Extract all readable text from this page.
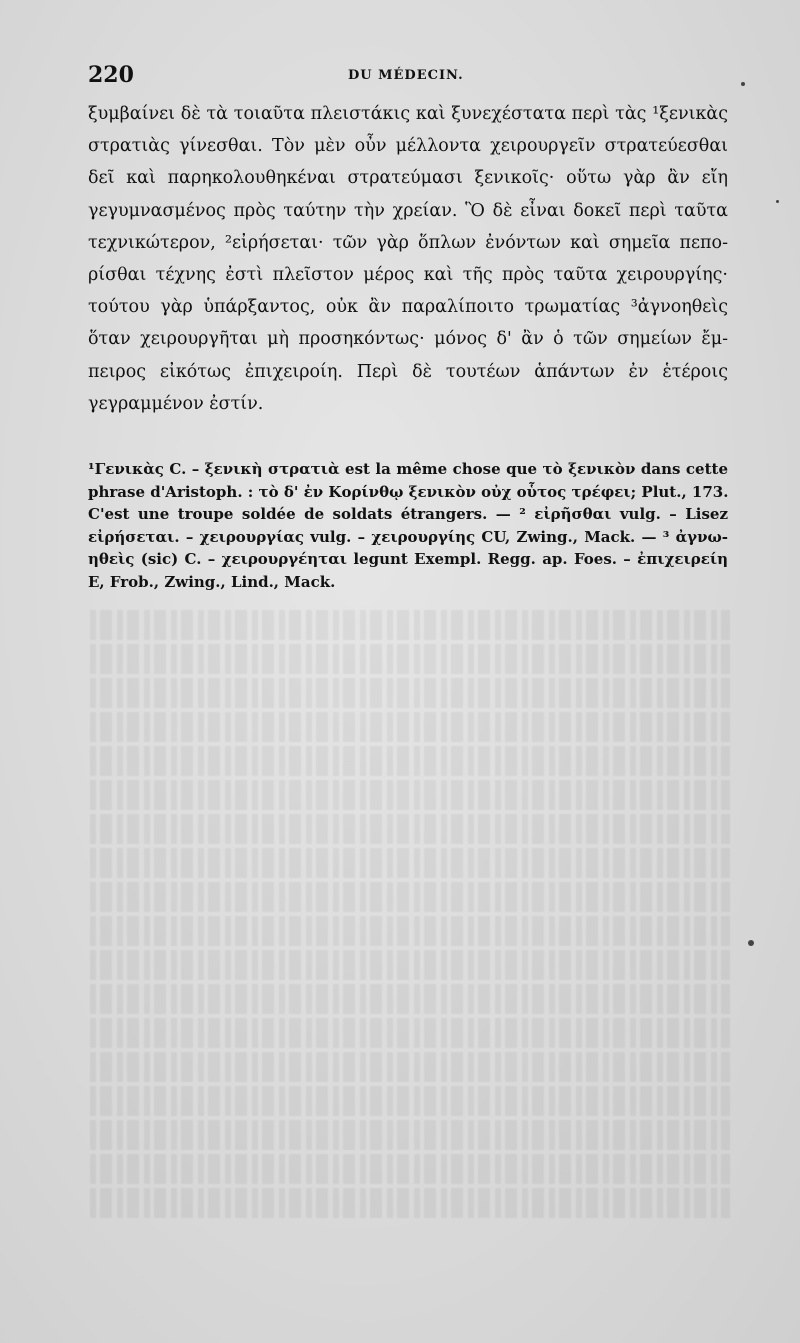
220	DU MÉDECIN.
ξυμβαίνει δὲ τὰ τοιαῦτα πλειστάκις καὶ ξυνεχέστατα περὶ τὰς ¹ξενικὰς
στρατιὰς γίνεσθαι. Τὸν μὲν οὖν μέλλοντα χειρουργεῖν στρατεύεσθαι
δεῖ καὶ παρηκολουθηκέναι στρατεύμασι ξενικοῖς· οὕτω γὰρ ἂν εἴη
γεγυμνασμένος πρὸς ταύτην τὴν χρείαν. Ὃ δὲ εἶναι δοκεῖ περὶ ταῦτα
τεχνικώτερον, ²εἰρήσεται· τῶν γὰρ ὅπλων ἐνόντων καὶ σημεῖα πεπο-
ρίσθαι τέχνης ἐστὶ πλεῖστον μέρος καὶ τῆς πρὸς ταῦτα χειρουργίης·
τούτου γὰρ ὑπάρξαντος, οὐκ ἂν παραλίποιτο τρωματίας ³ἀγνοηθεὶς
ὅταν χειρουργῆται μὴ προσηκόντως· μόνος δ' ἂν ὁ τῶν σημείων ἔμ-
πειρος εἰκότως ἐπιχειροίη. Περὶ δὲ τουτέων ἁπάντων ἐν ἑτέροις
γεγραμμένον ἐστίν.
¹Γενικὰς C. – ξενικὴ στρατιὰ est la même chose que τὸ ξενικὸν dans cette
phrase d'Aristoph. : τὸ δ' ἐν Κορίνθῳ ξενικὸν οὐχ οὗτος τρέφει; Plut., 173.
C'est une troupe soldée de soldats étrangers. — ² εἰρῆσθαι vulg. – Lisez
εἰρήσεται. – χειρουργίας vulg. – χειρουργίης CU, Zwing., Mack. — ³ ἀγνω-
ηθεὶς (sic) C. – χειρουργέηται legunt Exempl. Regg. ap. Foes. – ἐπιχειρείη
E, Frob., Zwing., Lind., Mack.
